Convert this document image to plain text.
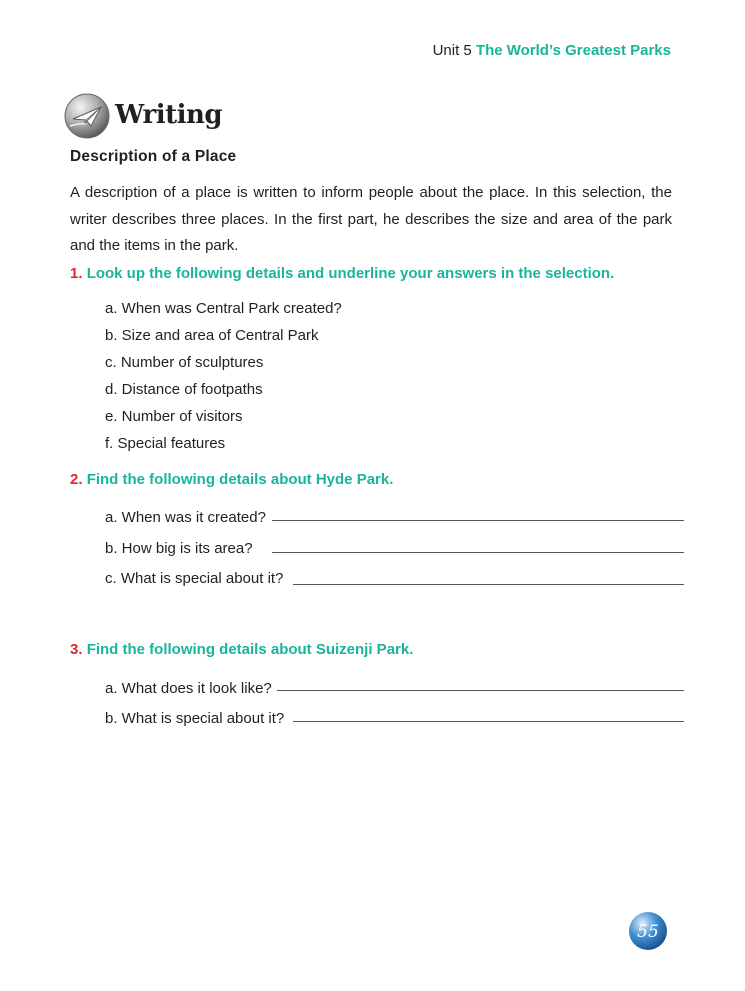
Unit 5 The World’s Greatest Parks
Writing
Description of a Place
A description of a place is written to inform people about the place. In this selection, the writer describes three places. In the first part, he describes the size and area of the park and the items in the park.
1. Look up the following details and underline your answers in the selection.
a. When was Central Park created?
b. Size and area of Central Park
c. Number of sculptures
d. Distance of footpaths
e. Number of visitors
f. Special features
2. Find the following details about Hyde Park.
a. When was it created?
b. How big is its area?
c. What is special about it?
3. Find the following details about Suizenji Park.
a. What does it look like?
b. What is special about it?
55
